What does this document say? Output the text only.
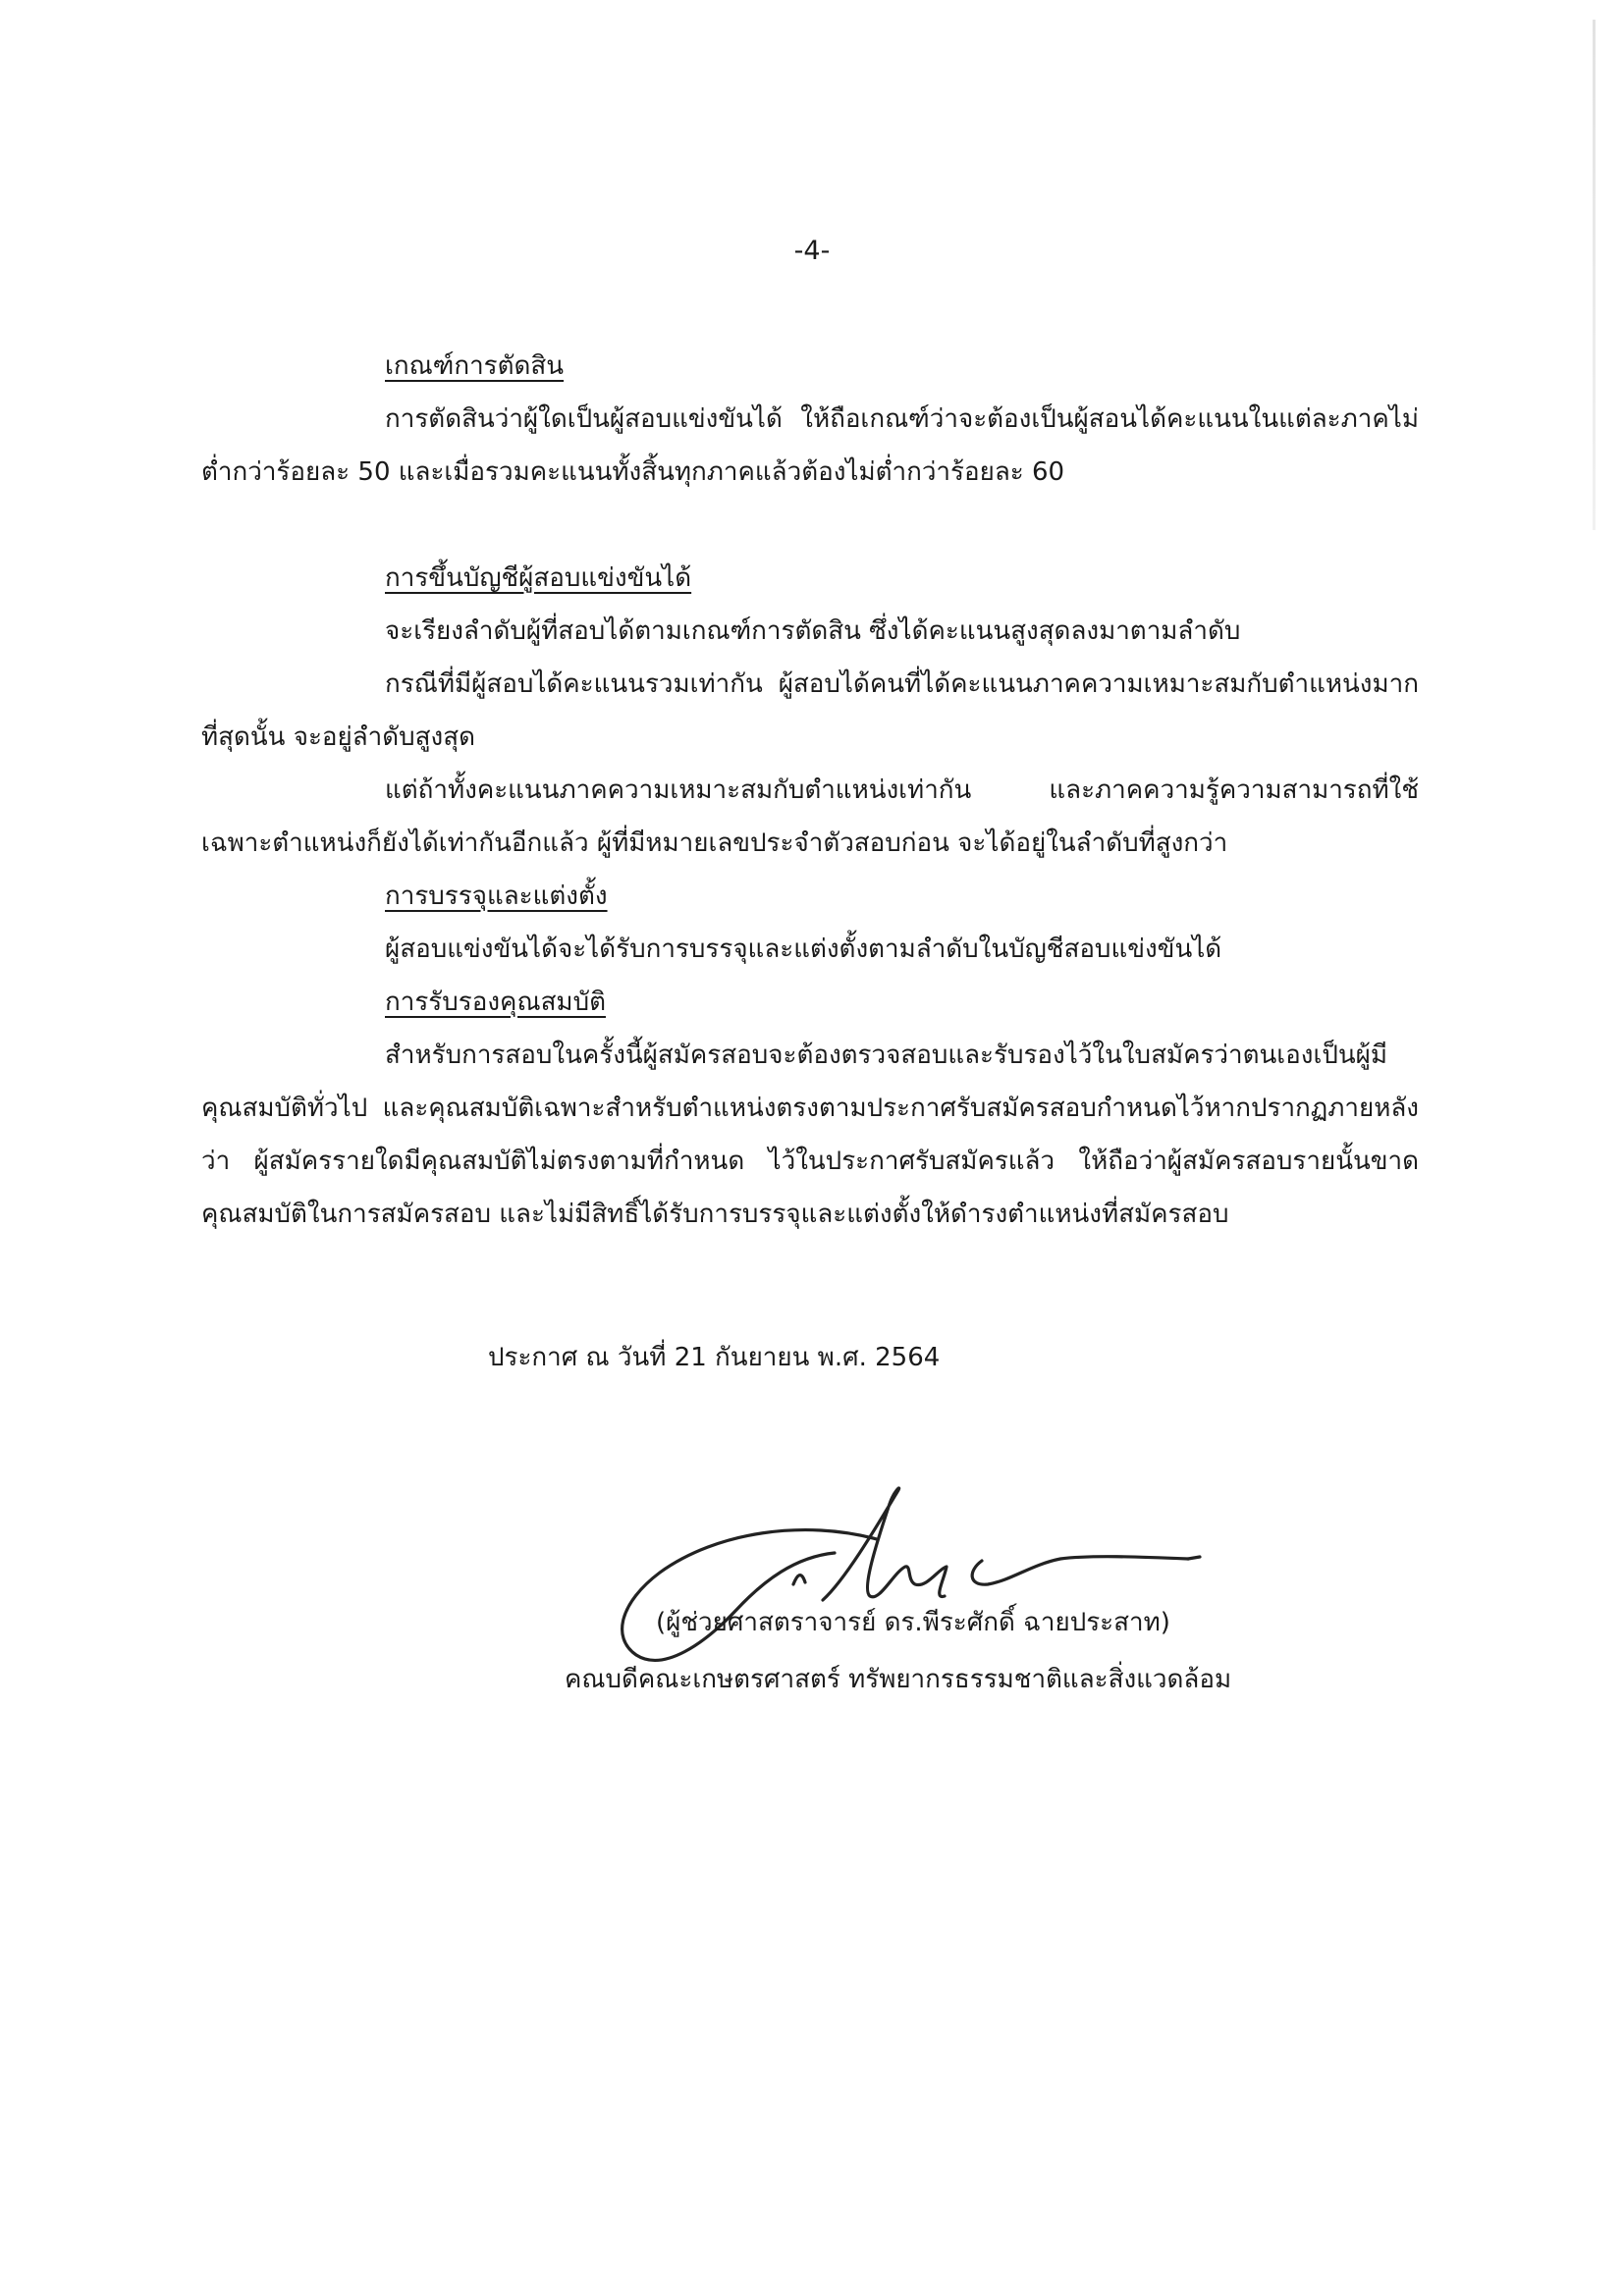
-4-

เกณฑ์การตัดสิน

การตัดสินว่าผู้ใดเป็นผู้สอบแข่งขันได้ ให้ถือเกณฑ์ว่าจะต้องเป็นผู้สอนได้คะแนนในแต่ละภาคไม่ต่ำกว่าร้อยละ 50 และเมื่อรวมคะแนนทั้งสิ้นทุกภาคแล้วต้องไม่ต่ำกว่าร้อยละ 60

การขึ้นบัญชีผู้สอบแข่งขันได้

จะเรียงลำดับผู้ที่สอบได้ตามเกณฑ์การตัดสิน ซึ่งได้คะแนนสูงสุดลงมาตามลำดับ

กรณีที่มีผู้สอบได้คะแนนรวมเท่ากัน ผู้สอบได้คนที่ได้คะแนนภาคความเหมาะสมกับตำแหน่งมากที่สุดนั้น จะอยู่ลำดับสูงสุด

แต่ถ้าทั้งคะแนนภาคความเหมาะสมกับตำแหน่งเท่ากัน และภาคความรู้ความสามารถที่ใช้เฉพาะตำแหน่งก็ยังได้เท่ากันอีกแล้ว ผู้ที่มีหมายเลขประจำตัวสอบก่อน จะได้อยู่ในลำดับที่สูงกว่า

การบรรจุและแต่งตั้ง

ผู้สอบแข่งขันได้จะได้รับการบรรจุและแต่งตั้งตามลำดับในบัญชีสอบแข่งขันได้

การรับรองคุณสมบัติ

สำหรับการสอบในครั้งนี้ผู้สมัครสอบจะต้องตรวจสอบและรับรองไว้ในใบสมัครว่าตนเองเป็นผู้มีคุณสมบัติทั่วไป และคุณสมบัติเฉพาะสำหรับตำแหน่งตรงตามประกาศรับสมัครสอบกำหนดไว้หากปรากฏภายหลังว่า ผู้สมัครรายใดมีคุณสมบัติไม่ตรงตามที่กำหนด ไว้ในประกาศรับสมัครแล้ว ให้ถือว่าผู้สมัครสอบรายนั้นขาดคุณสมบัติในการสมัครสอบ และไม่มีสิทธิ์ได้รับการบรรจุและแต่งตั้งให้ดำรงตำแหน่งที่สมัครสอบ

ประกาศ ณ วันที่ 21 กันยายน พ.ศ. 2564
(ผู้ช่วยศาสตราจารย์ ดร.พีระศักดิ์ ฉายประสาท)
คณบดีคณะเกษตรศาสตร์ ทรัพยากรธรรมชาติและสิ่งแวดล้อม
